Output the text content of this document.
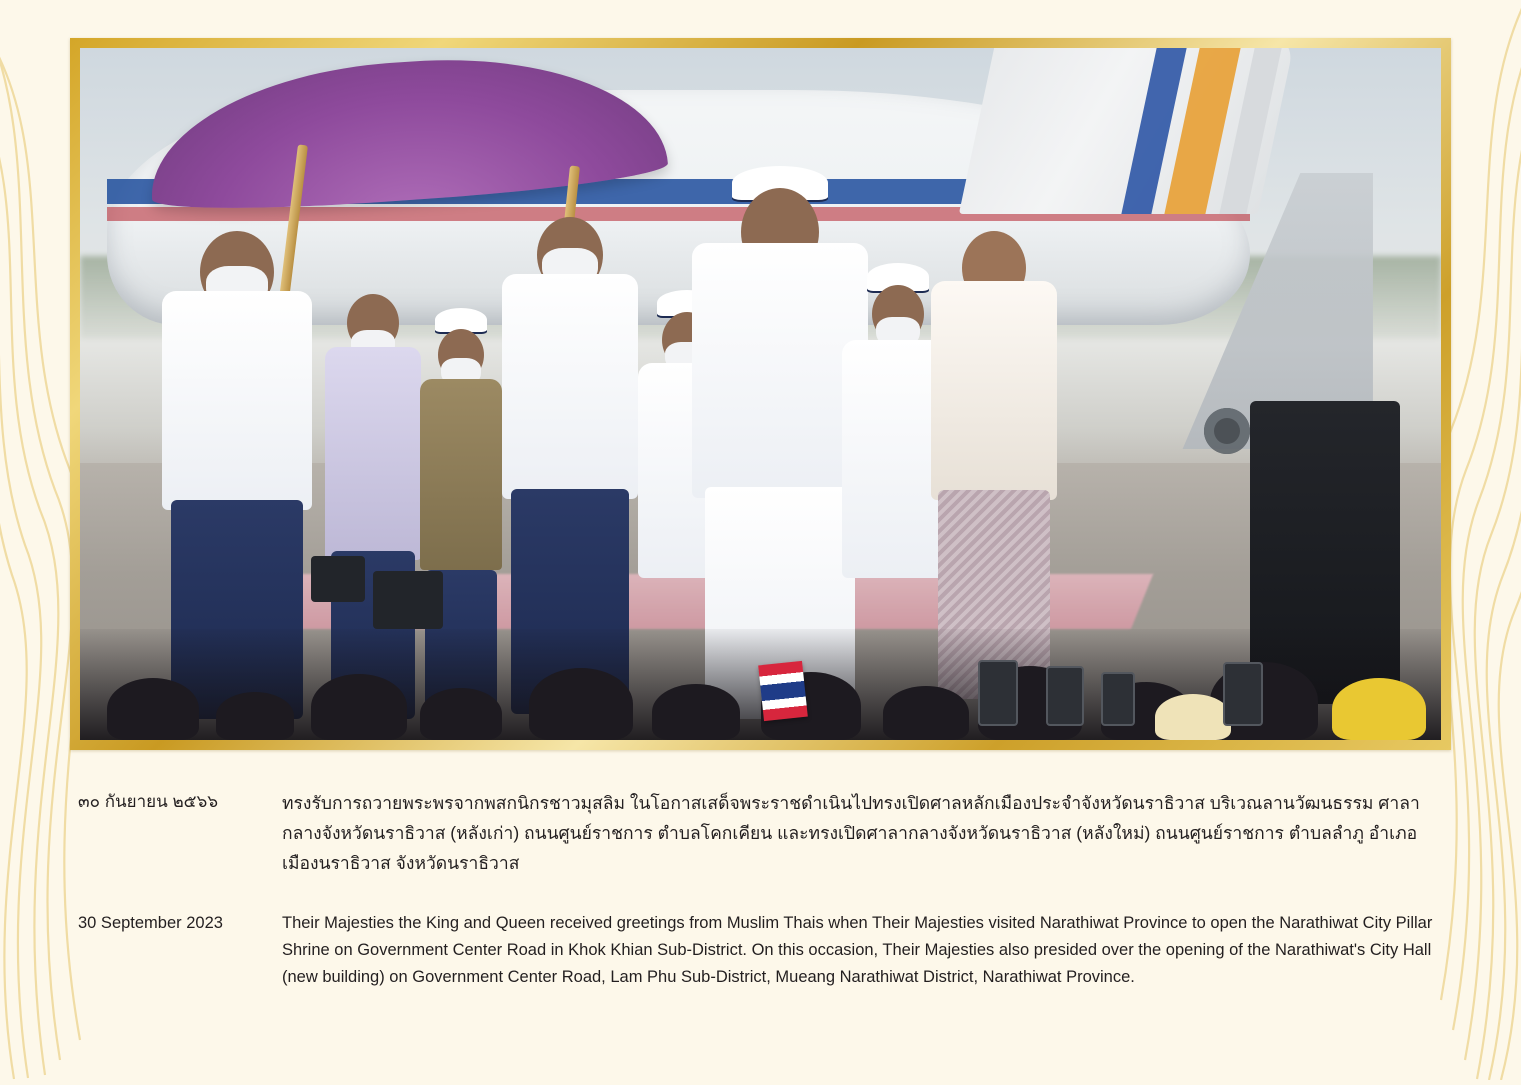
๓๐ กันยายน ๒๕๖๖	ทรงรับการถวายพระพรจากพสกนิกรชาวมุสลิม ในโอกาสเสด็จพระราชดำเนินไปทรงเปิดศาลหลักเมืองประจำจังหวัดนราธิวาส บริเวณลานวัฒนธรรม ศาลากลางจังหวัดนราธิวาส (หลังเก่า) ถนนศูนย์ราชการ ตำบลโคกเคียน และทรงเปิดศาลากลางจังหวัดนราธิวาส (หลังใหม่) ถนนศูนย์ราชการ ตำบลลำภู อำเภอเมืองนราธิวาส จังหวัดนราธิวาส
30 September 2023	Their Majesties the King and Queen received greetings from Muslim Thais when Their Majesties visited Narathiwat Province to open the Narathiwat City Pillar Shrine on Government Center Road in Khok Khian Sub-District. On this occasion, Their Majesties also presided over the opening of the Narathiwat's City Hall (new building) on Government Center Road, Lam Phu Sub-District, Mueang Narathiwat District, Narathiwat Province.
